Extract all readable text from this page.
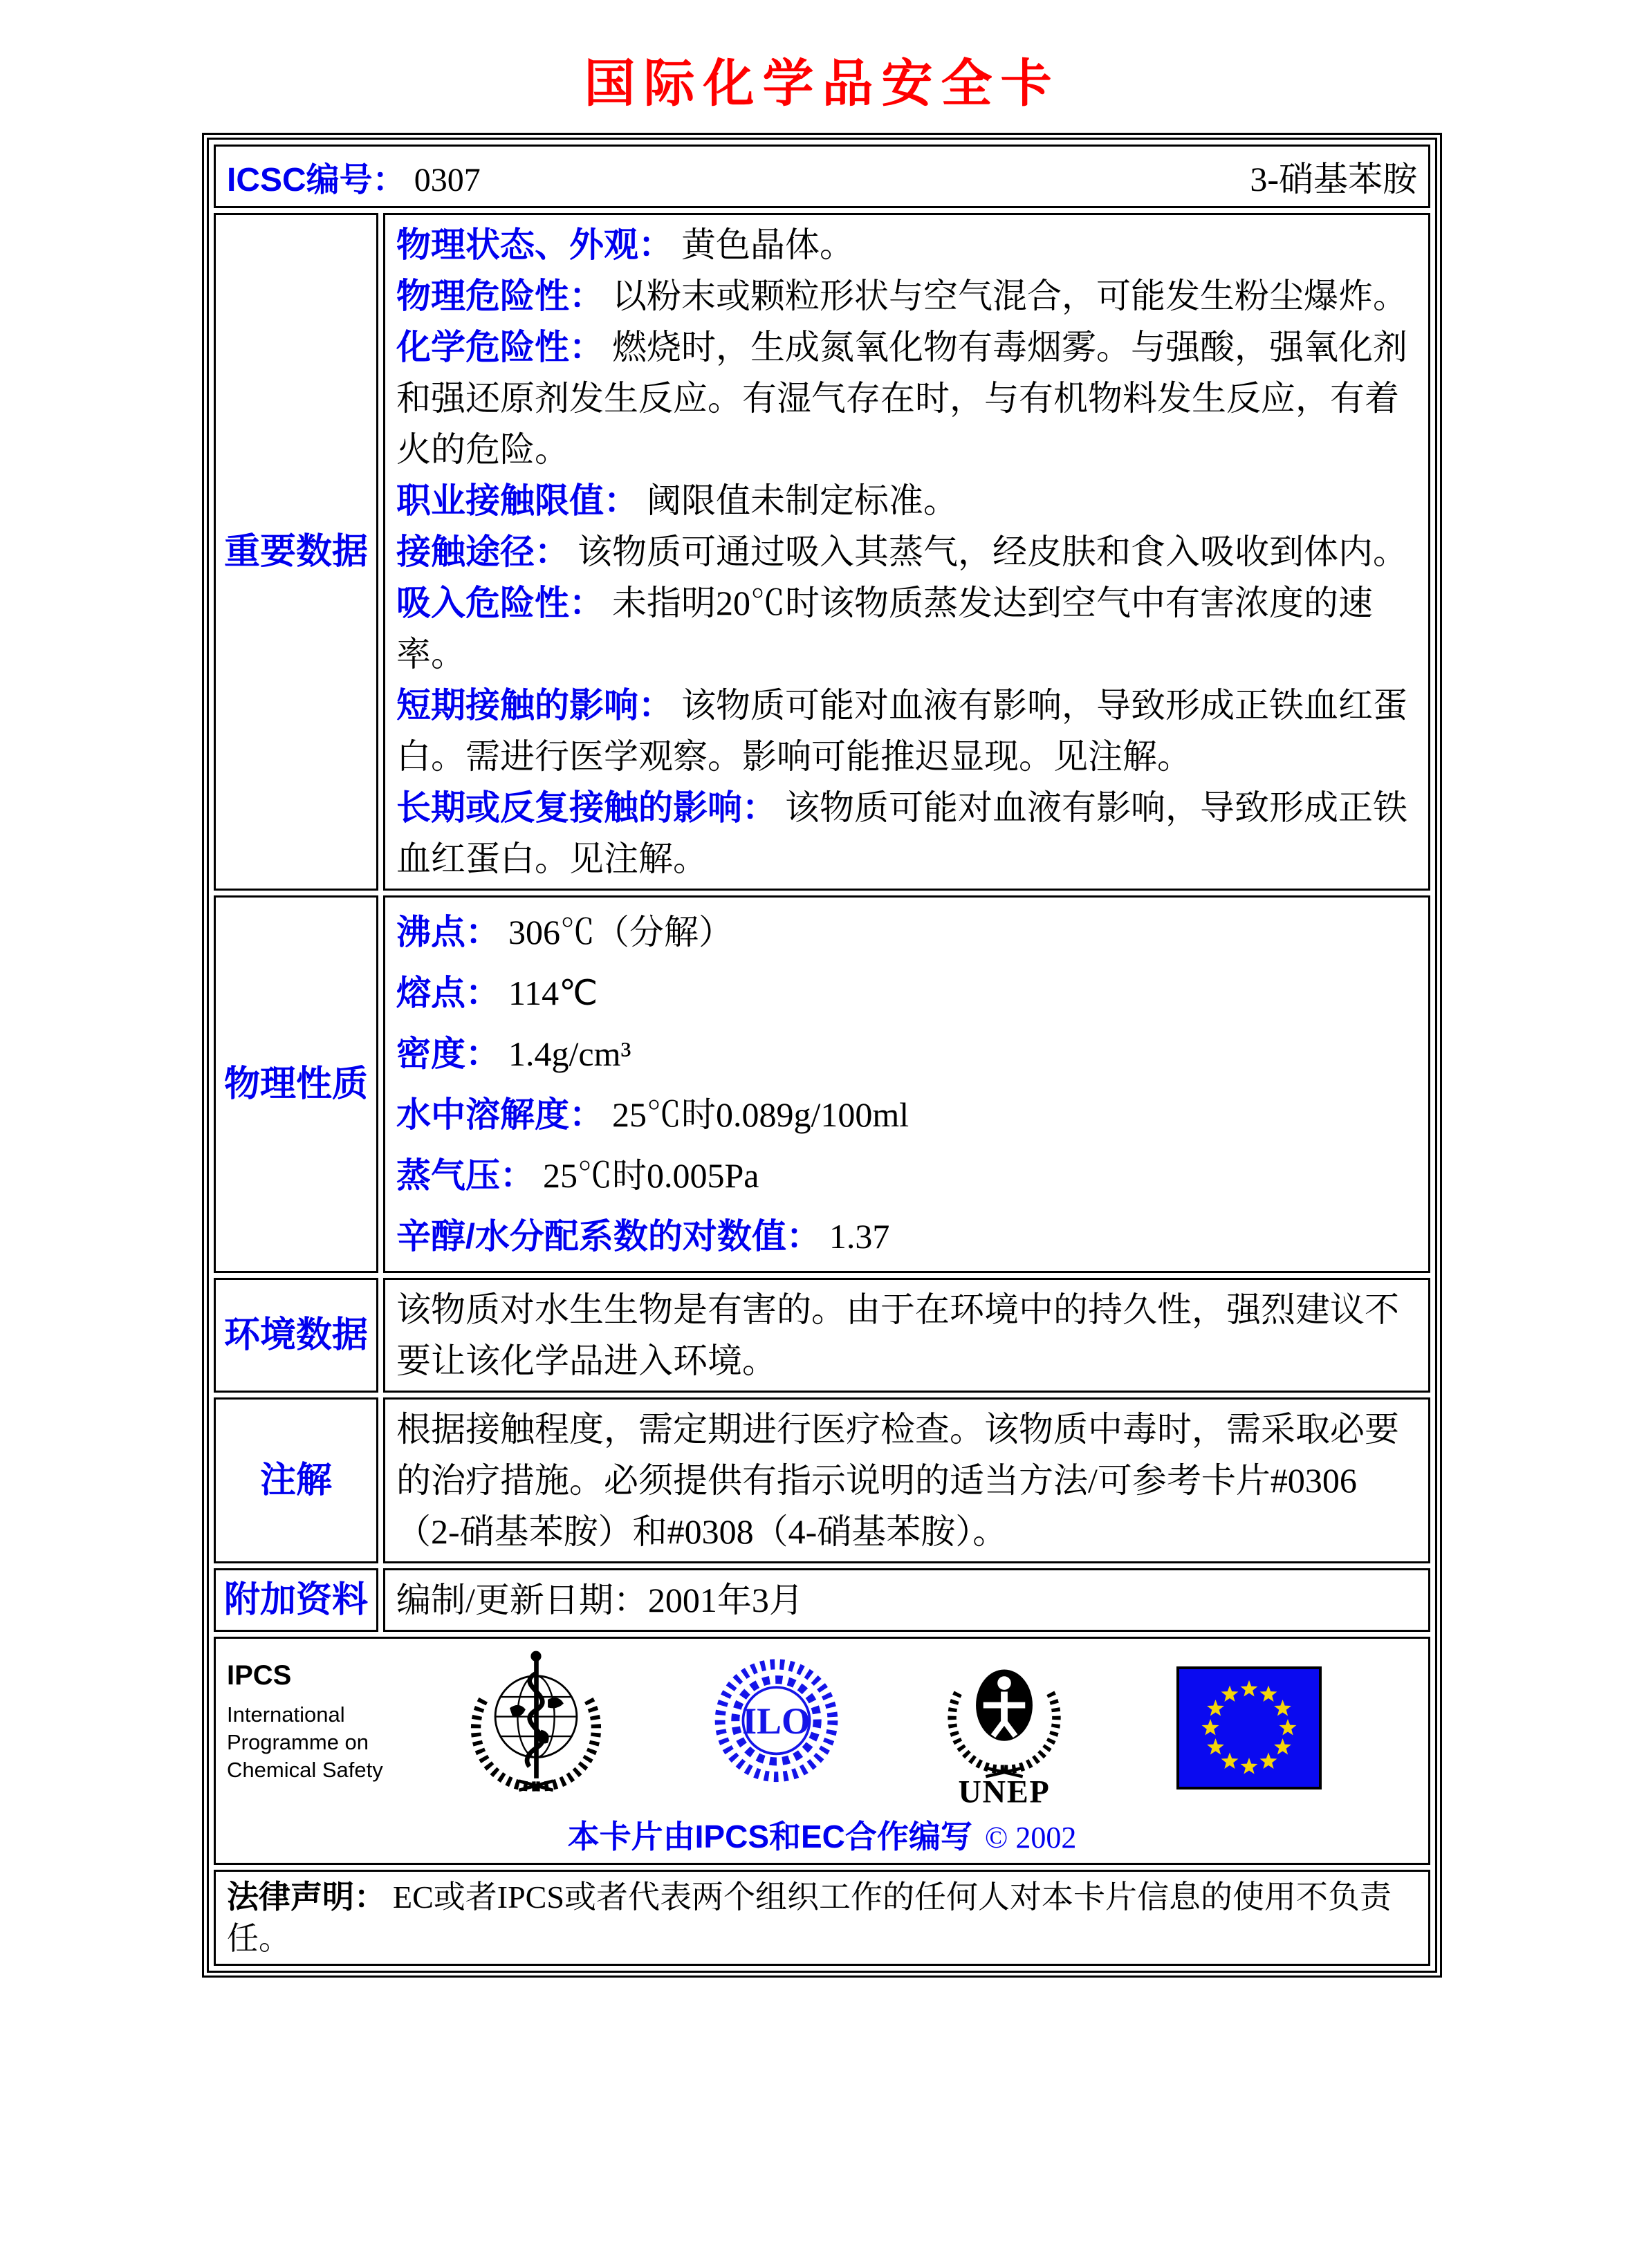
国际化学品安全卡
ICSC编号： 0307 3-硝基苯胺	

重要数据	
物理状态、外观： 黄色晶体。
物理危险性： 以粉末或颗粒形状与空气混合，可能发生粉尘爆炸。
化学危险性： 燃烧时，生成氮氧化物有毒烟雾。与强酸，强氧化剂和强还原剂发生反应。有湿气存在时，与有机物料发生反应，有着火的危险。
职业接触限值： 阈限值未制定标准。
接触途径： 该物质可通过吸入其蒸气，经皮肤和食入吸收到体内。
吸入危险性： 未指明20℃时该物质蒸发达到空气中有害浓度的速率。
短期接触的影响： 该物质可能对血液有影响，导致形成正铁血红蛋白。需进行医学观察。影响可能推迟显现。见注解。
长期或反复接触的影响： 该物质可能对血液有影响，导致形成正铁血红蛋白。见注解。

物理性质	
沸点： 306℃（分解）
熔点： 114℃
密度： 1.4g/cm³
水中溶解度： 25℃时0.089g/100ml
蒸气压： 25℃时0.005Pa
辛醇/水分配系数的对数值： 1.37

环境数据	该物质对水生生物是有害的。由于在环境中的持久性，强烈建议不要让该化学品进入环境。
注解	根据接触程度，需定期进行医疗检查。该物质中毒时，需采取必要的治疗措施。必须提供有指示说明的适当方法/可参考卡片#0306（2-硝基苯胺）和#0308（4-硝基苯胺）。
附加资料	编制/更新日期：2001年3月

IPCS
International
Programme on
Chemical Safety
ILO
UNEP
本卡片由IPCS和EC合作编写 © 2002

法律声明： EC或者IPCS或者代表两个组织工作的任何人对本卡片信息的使用不负责任。	
